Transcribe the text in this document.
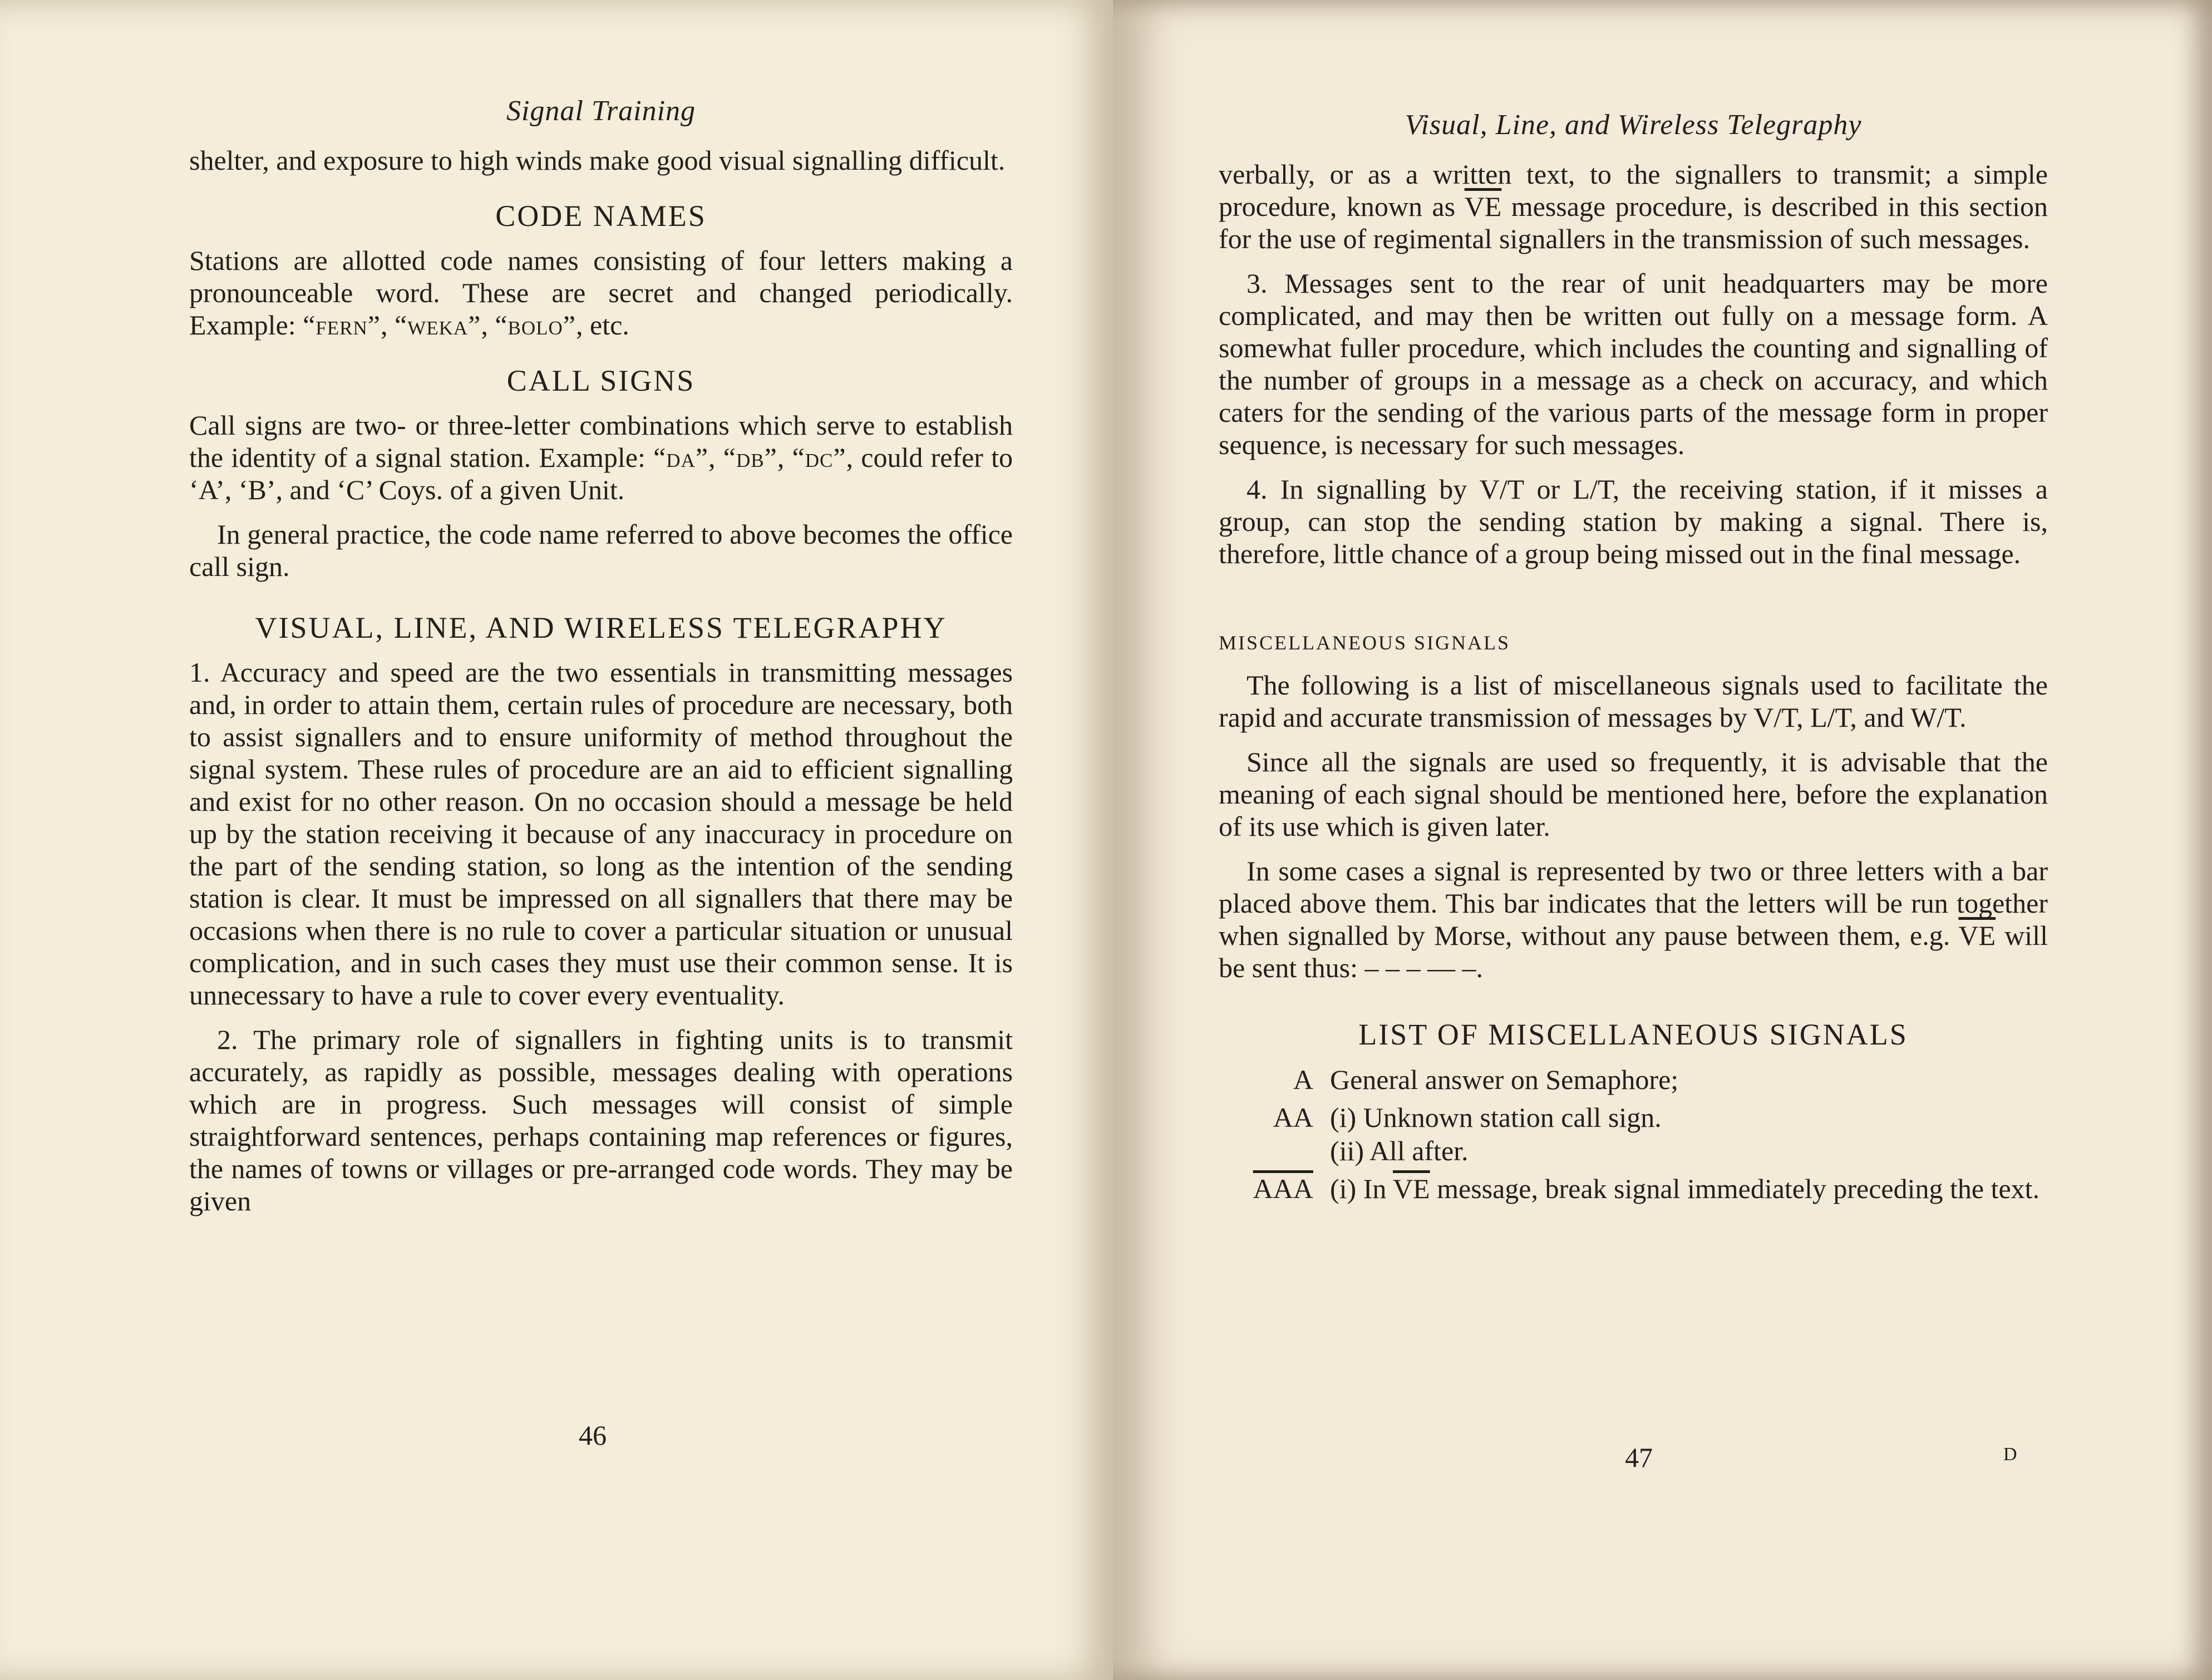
Signal Training

shelter, and exposure to high winds make good visual signalling difficult.

CODE NAMES

Stations are allotted code names consisting of four letters making a pronounceable word. These are secret and changed periodically. Example: “fern”, “weka”, “bolo”, etc.

CALL SIGNS

Call signs are two- or three-letter combinations which serve to establish the identity of a signal station. Example: “da”, “db”, “dc”, could refer to ‘A’, ‘B’, and ‘C’ Coys. of a given Unit.

In general practice, the code name referred to above becomes the office call sign.

VISUAL, LINE, AND WIRELESS TELEGRAPHY

1. Accuracy and speed are the two essentials in transmitting messages and, in order to attain them, certain rules of procedure are necessary, both to assist signallers and to ensure uniformity of method throughout the signal system. These rules of procedure are an aid to efficient signalling and exist for no other reason. On no occasion should a message be held up by the station receiving it because of any inaccuracy in procedure on the part of the sending station, so long as the intention of the sending station is clear. It must be impressed on all signallers that there may be occasions when there is no rule to cover a particular situation or unusual complication, and in such cases they must use their common sense. It is unnecessary to have a rule to cover every eventuality.

2. The primary role of signallers in fighting units is to transmit accurately, as rapidly as possible, messages dealing with operations which are in progress. Such messages will consist of simple straightforward sentences, perhaps containing map references or figures, the names of towns or villages or pre-arranged code words. They may be given

46
Visual, Line, and Wireless Telegraphy

verbally, or as a written text, to the signallers to transmit; a simple procedure, known as $\overline{VE}$ message procedure, is described in this section for the use of regimental signallers in the transmission of such messages.

3. Messages sent to the rear of unit headquarters may be more complicated, and may then be written out fully on a message form. A somewhat fuller procedure, which includes the counting and signalling of the number of groups in a message as a check on accuracy, and which caters for the sending of the various parts of the message form in proper sequence, is necessary for such messages.

4. In signalling by V/T or L/T, the receiving station, if it misses a group, can stop the sending station by making a signal. There is, therefore, little chance of a group being missed out in the final message.

MISCELLANEOUS SIGNALS

The following is a list of miscellaneous signals used to facilitate the rapid and accurate transmission of messages by V/T, L/T, and W/T.

Since all the signals are used so frequently, it is advisable that the meaning of each signal should be mentioned here, before the explanation of its use which is given later.

In some cases a signal is represented by two or three letters with a bar placed above them. This bar indicates that the letters will be run together when signalled by Morse, without any pause between them, e.g. $\overline{VE}$ will be sent thus: – – – — –.

LIST OF MISCELLANEOUS SIGNALS
A General answer on Semaphore;
AA (i) Unknown station call sign.
(ii) All after.
$\overline{AAA}$ (i) In $\overline{VE}$ message, break signal immediately preceding the text.
47	D
